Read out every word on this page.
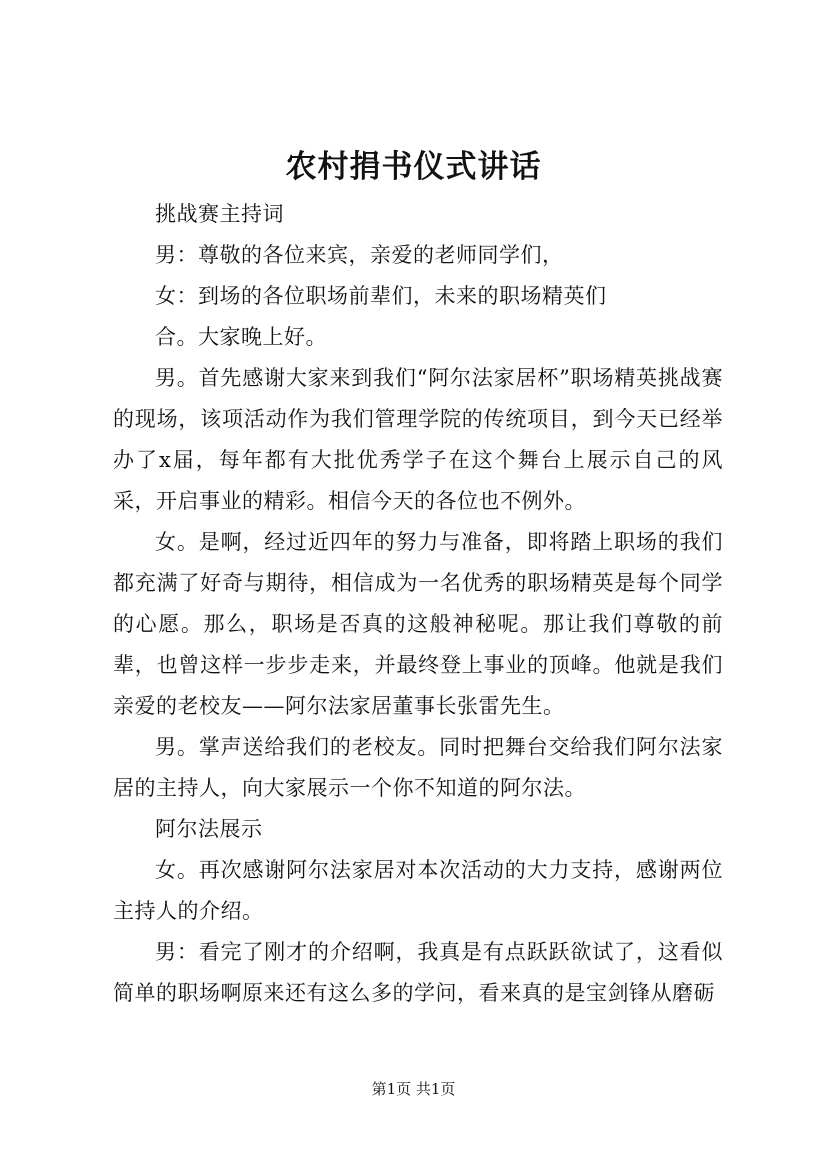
农村捐书仪式讲话

挑战赛主持词

男：尊敬的各位来宾，亲爱的老师同学们，

女：到场的各位职场前辈们，未来的职场精英们

合。大家晚上好。

男。首先感谢大家来到我们“阿尔法家居杯”职场精英挑战赛的现场，该项活动作为我们管理学院的传统项目，到今天已经举办了x届，每年都有大批优秀学子在这个舞台上展示自己的风采，开启事业的精彩。相信今天的各位也不例外。

女。是啊，经过近四年的努力与准备，即将踏上职场的我们都充满了好奇与期待，相信成为一名优秀的职场精英是每个同学的心愿。那么，职场是否真的这般神秘呢。那让我们尊敬的前辈，也曾这样一步步走来，并最终登上事业的顶峰。他就是我们亲爱的老校友——阿尔法家居董事长张雷先生。

男。掌声送给我们的老校友。同时把舞台交给我们阿尔法家居的主持人，向大家展示一个你不知道的阿尔法。

阿尔法展示

女。再次感谢阿尔法家居对本次活动的大力支持，感谢两位主持人的介绍。

男：看完了刚才的介绍啊，我真是有点跃跃欲试了，这看似简单的职场啊原来还有这么多的学问，看来真的是宝剑锋从磨砺

第1页 共1页
